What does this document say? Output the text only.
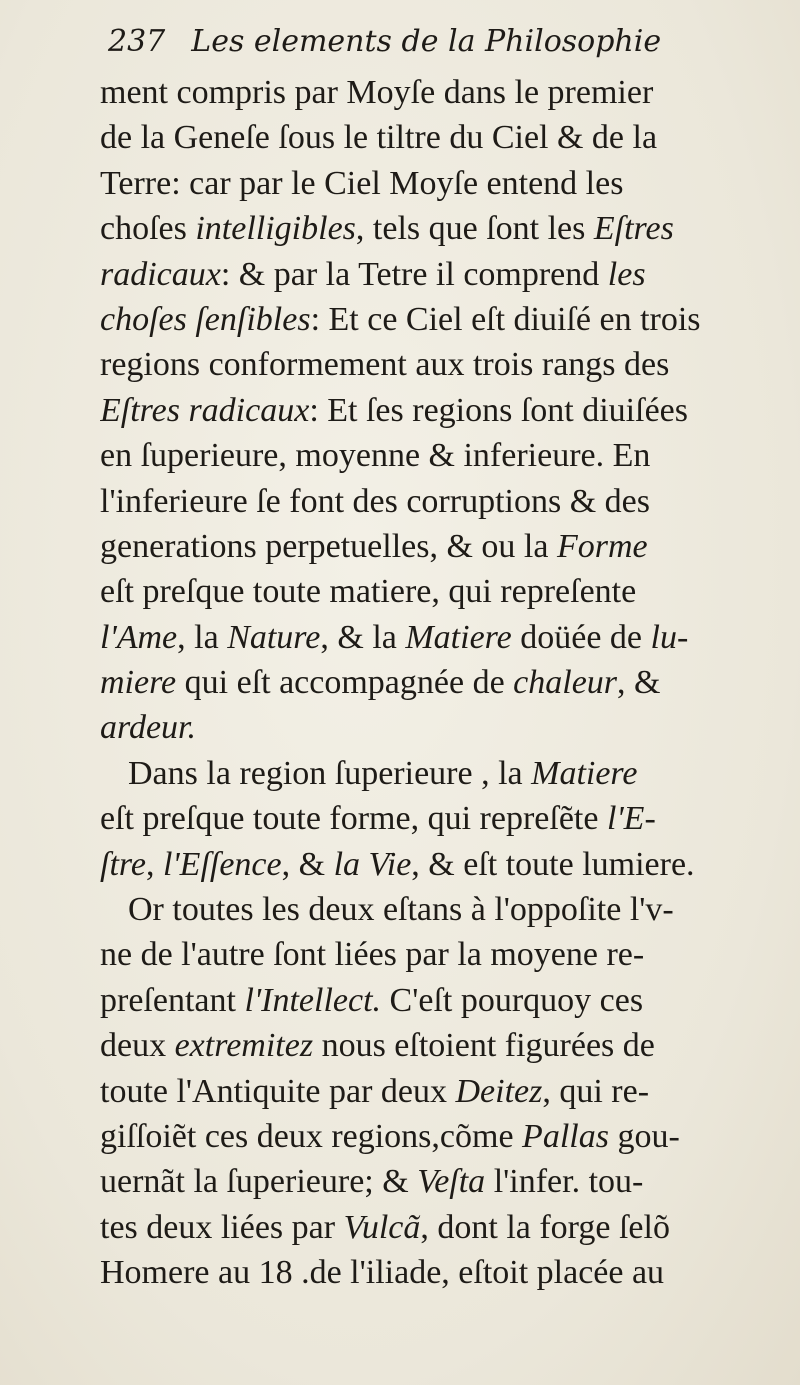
237 Les elements de la Philosophie
ment compris par Moyſe dans le premier
de la Geneſe ſous le tiltre du Ciel & de la
Terre: car par le Ciel Moyſe entend les
choſes intelligibles, tels que ſont les Eſtres
radicaux: & par la Tetre il comprend les
choſes ſenſibles: Et ce Ciel eſt diuiſé en trois
regions conformement aux trois rangs des
Eſtres radicaux: Et ſes regions ſont diuiſées
en ſuperieure, moyenne & inferieure. En
l'inferieure ſe font des corruptions & des
generations perpetuelles, & ou la Forme
eſt preſque toute matiere, qui repreſente
l'Ame, la Nature, & la Matiere doüée de lu-
miere qui eſt accompagnée de chaleur, &
ardeur.
Dans la region ſuperieure , la Matiere
eſt preſque toute forme, qui repreſẽte l'E-
ſtre, l'Eſſence, & la Vie, & eſt toute lumiere.
Or toutes les deux eſtans à l'oppoſite l'v-
ne de l'autre ſont liées par la moyene re-
preſentant l'Intellect. C'eſt pourquoy ces
deux extremitez nous eſtoient figurées de
toute l'Antiquite par deux Deitez, qui re-
giſſoiẽt ces deux regions,cõme Pallas gou-
uernãt la ſuperieure; & Veſta l'infer. tou-
tes deux liées par Vulcã, dont la forge ſelõ
Homere au 18 .de l'iliade, eſtoit placée au
